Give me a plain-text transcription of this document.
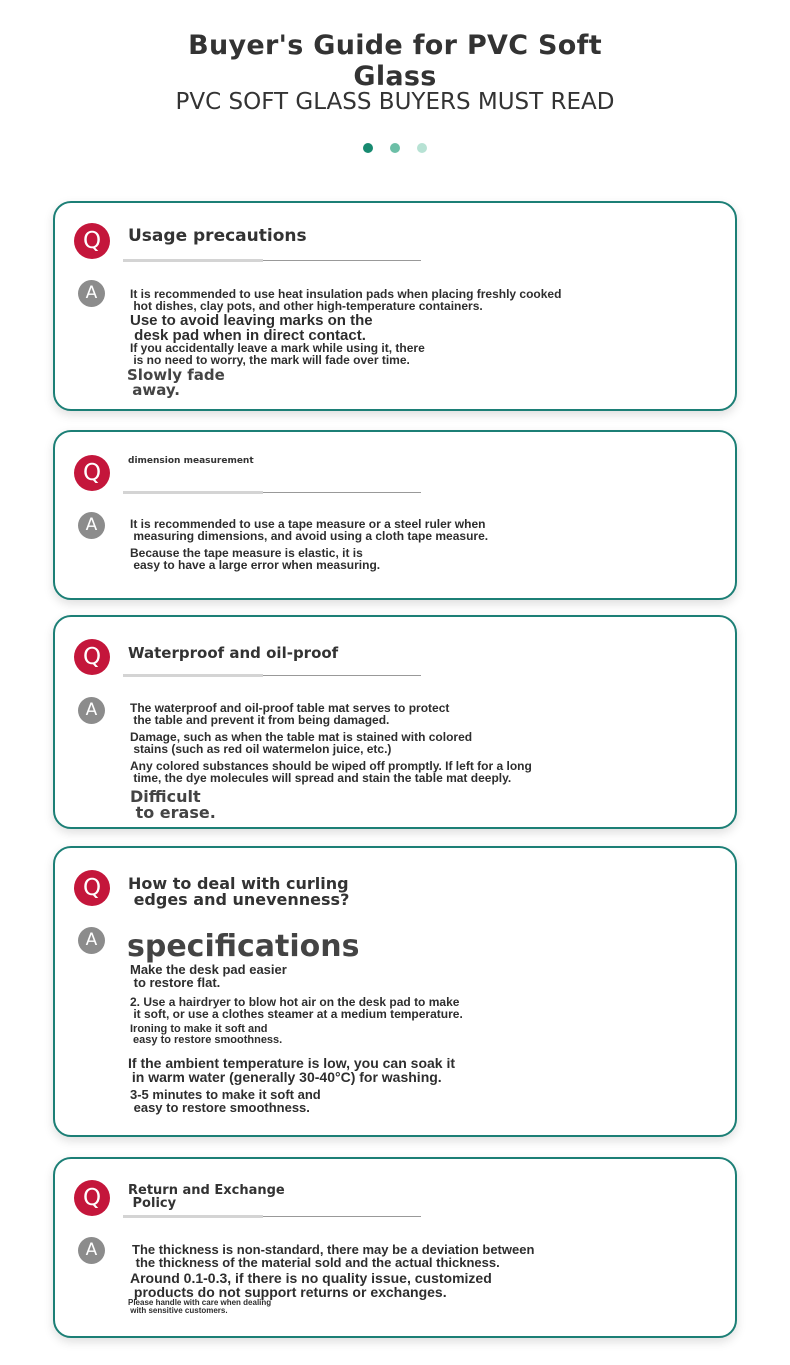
Buyer's Guide for PVC Soft Glass
PVC SOFT GLASS BUYERS MUST READ
Q	Usage precautions
A	It is recommended to use heat insulation pads when placing freshly cooked
hot dishes, clay pots, and other high-temperature containers.
Use to avoid leaving marks on the
desk pad when in direct contact.
If you accidentally leave a mark while using it, there
is no need to worry, the mark will fade over time.
Slowly fade
away.
Q	dimension measurement
A	It is recommended to use a tape measure or a steel ruler when
measuring dimensions, and avoid using a cloth tape measure.
Because the tape measure is elastic, it is
easy to have a large error when measuring.
Q	Waterproof and oil-proof
A	The waterproof and oil-proof table mat serves to protect
the table and prevent it from being damaged.
Damage, such as when the table mat is stained with colored
stains (such as red oil watermelon juice, etc.)
Any colored substances should be wiped off promptly. If left for a long
time, the dye molecules will spread and stain the table mat deeply.
Difficult
to erase.
Q	How to deal with curling
edges and unevenness?
A specifications
Make the desk pad easier
to restore flat.
2. Use a hairdryer to blow hot air on the desk pad to make
it soft, or use a clothes steamer at a medium temperature.
Ironing to make it soft and
easy to restore smoothness.
If the ambient temperature is low, you can soak it
in warm water (generally 30-40°C) for washing.
3-5 minutes to make it soft and
easy to restore smoothness.
Q	Return and Exchange
Policy
A	The thickness is non-standard, there may be a deviation between
the thickness of the material sold and the actual thickness.
Around 0.1-0.3, if there is no quality issue, customized
products do not support returns or exchanges.
Please handle with care when dealing
with sensitive customers.
